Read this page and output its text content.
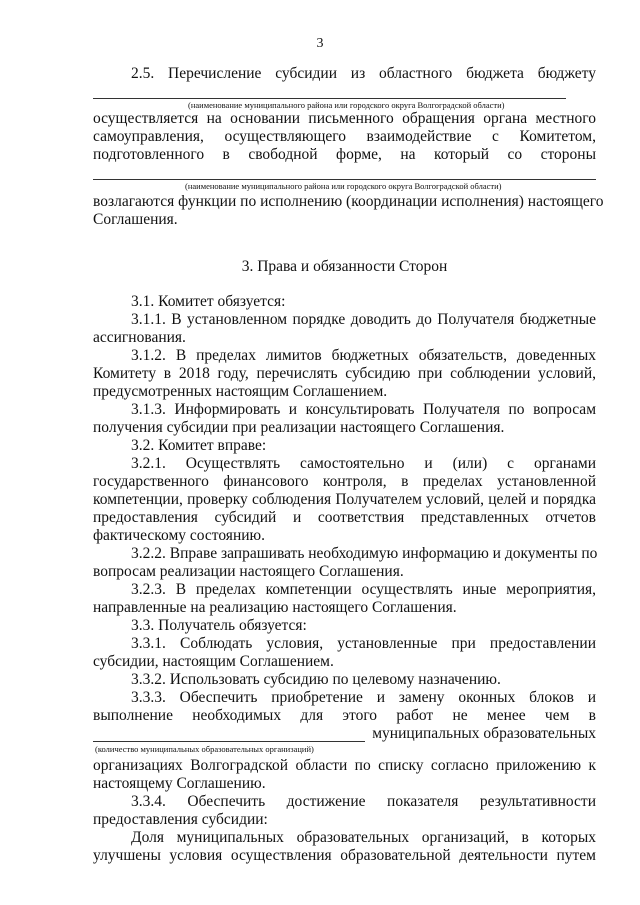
3
2.5. Перечисление субсидии из областного бюджета бюджету
(наименование муниципального района или городского округа Волгоградской области)
осуществляется на основании письменного обращения органа местного
самоуправления, осуществляющего взаимодействие с Комитетом,
подготовленного в свободной форме, на который со стороны
(наименование муниципального района или городского округа Волгоградской области)
возлагаются функции по исполнению (координации исполнения) настоящего
Соглашения.
3. Права и обязанности Сторон
3.1. Комитет обязуется:
3.1.1. В установленном порядке доводить до Получателя бюджетные
ассигнования.
3.1.2. В пределах лимитов бюджетных обязательств, доведенных
Комитету в 2018 году, перечислять субсидию при соблюдении условий,
предусмотренных настоящим Соглашением.
3.1.3. Информировать и консультировать Получателя по вопросам
получения субсидии при реализации настоящего Соглашения.
3.2. Комитет вправе:
3.2.1. Осуществлять самостоятельно и (или) с органами
государственного финансового контроля, в пределах установленной
компетенции, проверку соблюдения Получателем условий, целей и порядка
предоставления субсидий и соответствия представленных отчетов
фактическому состоянию.
3.2.2. Вправе запрашивать необходимую информацию и документы по
вопросам реализации настоящего Соглашения.
3.2.3. В пределах компетенции осуществлять иные мероприятия,
направленные на реализацию настоящего Соглашения.
3.3. Получатель обязуется:
3.3.1. Соблюдать условия, установленные при предоставлении
субсидии, настоящим Соглашением.
3.3.2. Использовать субсидию по целевому назначению.
3.3.3. Обеспечить приобретение и замену оконных блоков и
выполнение необходимых для этого работ не менее чем в
муниципальных образовательных
(количество муниципальных образовательных организаций)
организациях Волгоградской области по списку согласно приложению к
настоящему Соглашению.
3.3.4. Обеспечить достижение показателя результативности
предоставления субсидии:
Доля муниципальных образовательных организаций, в которых
улучшены условия осуществления образовательной деятельности путем
